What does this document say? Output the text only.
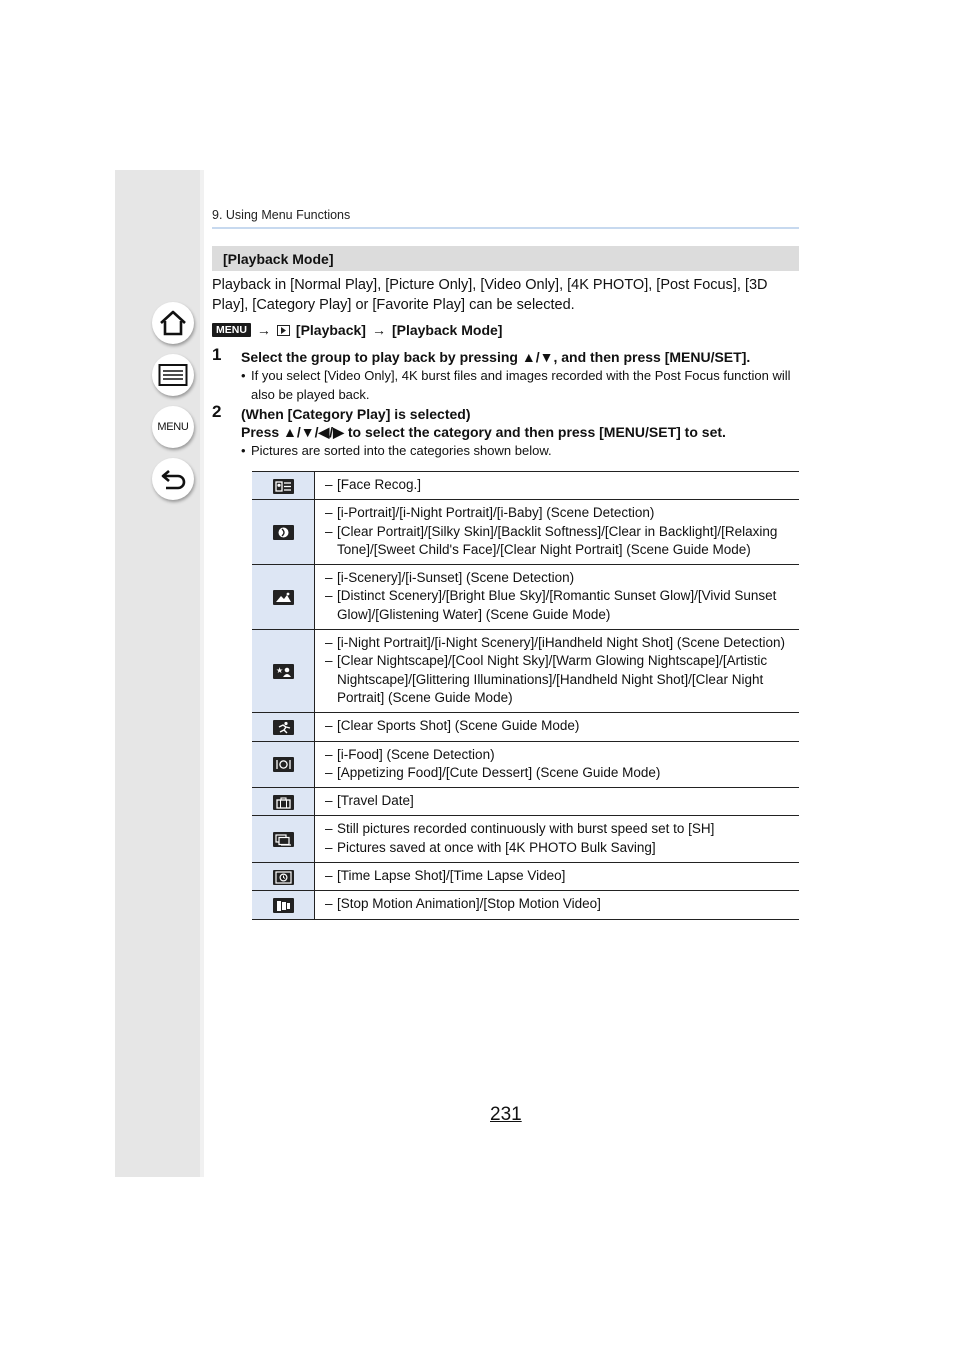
MENU
9. Using Menu Functions
[Playback Mode]
Playback in [Normal Play], [Picture Only], [Video Only], [4K PHOTO], [Post Focus], [3D Play], [Category Play] or [Favorite Play] can be selected.
MENU → [Playback] → [Playback Mode]
1 Select the group to play back by pressing ▲/▼, and then press [MENU/SET].
• If you select [Video Only], 4K burst files and images recorded with the Post Focus function will also be played back.
2 (When [Category Play] is selected)
Press ▲/▼/◀/▶ to select the category and then press [MENU/SET] to set.
• Pictures are sorted into the categories shown below.

– [Face Recog.]

– [i-Portrait]/[i-Night Portrait]/[i-Baby] (Scene Detection)
– [Clear Portrait]/[Silky Skin]/[Backlit Softness]/[Clear in Backlight]/[Relaxing Tone]/[Sweet Child's Face]/[Clear Night Portrait] (Scene Guide Mode)

– [i-Scenery]/[i-Sunset] (Scene Detection)
– [Distinct Scenery]/[Bright Blue Sky]/[Romantic Sunset Glow]/[Vivid Sunset Glow]/[Glistening Water] (Scene Guide Mode)

★	– [i-Night Portrait]/[i-Night Scenery]/[iHandheld Night Shot] (Scene Detection)
– [Clear Nightscape]/[Cool Night Sky]/[Warm Glowing Nightscape]/[Artistic Nightscape]/[Glittering Illuminations]/[Handheld Night Shot]/[Clear Night Portrait] (Scene Guide Mode)

– [Clear Sports Shot] (Scene Guide Mode)

– [i-Food] (Scene Detection)
– [Appetizing Food]/[Cute Dessert] (Scene Guide Mode)

– [Travel Date]

– Still pictures recorded continuously with burst speed set to [SH]
– Pictures saved at once with [4K PHOTO Bulk Saving]

– [Time Lapse Shot]/[Time Lapse Video]

– [Stop Motion Animation]/[Stop Motion Video]
231
